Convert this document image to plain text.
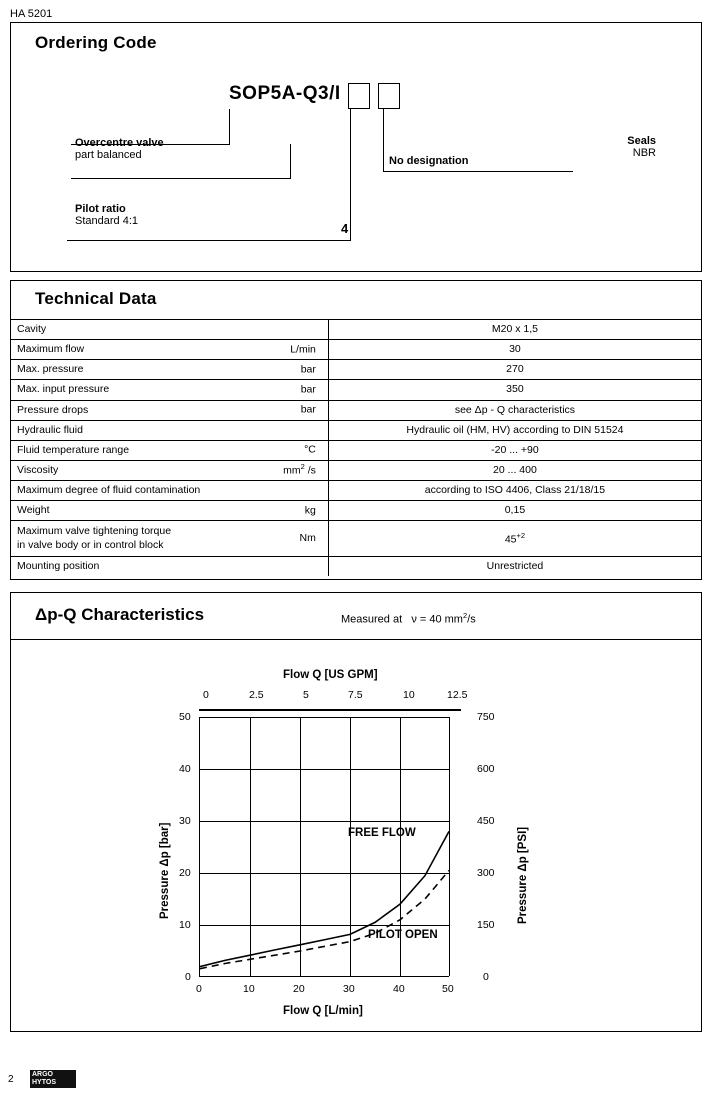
HA 5201
Ordering Code
SOP5A-Q3/I
Overcentre valve
part balanced
Pilot ratio
Standard 4:1	4
No designation
Seals
NBR
Technical Data
Cavity	M20 x 1,5

Maximum flow L/min	30

Max. pressure bar	270

Max. input pressure bar	350

Pressure drops bar	see Δp - Q characteristics

Hydraulic fluid	Hydraulic oil (HM, HV) according to DIN 51524

Fluid temperature range °C	-20 ... +90

Viscosity $mm^2$ /s	20 ... 400

Maximum degree of fluid contamination	according to ISO 4406, Class 21/18/15

Weight kg	0,15

Maximum valve tightening torque
in valve body or in control block
Nm	$45^{+2}$

Mounting position	Unrestricted
Δp-Q Characteristics	Measured at   ν = 40 $mm^2/s$
Flow Q [US GPM]
0	2.5	5	7.5	10	12.5
FREE FLOW
PILOT OPEN
50
40
30
20
10
0
750
600
450
300
150
0
0	10	20	30	40	50
Flow Q [L/min]
Pressure Δp [bar]	Pressure Δp [PSI]
2	ARGO
HYTOS
